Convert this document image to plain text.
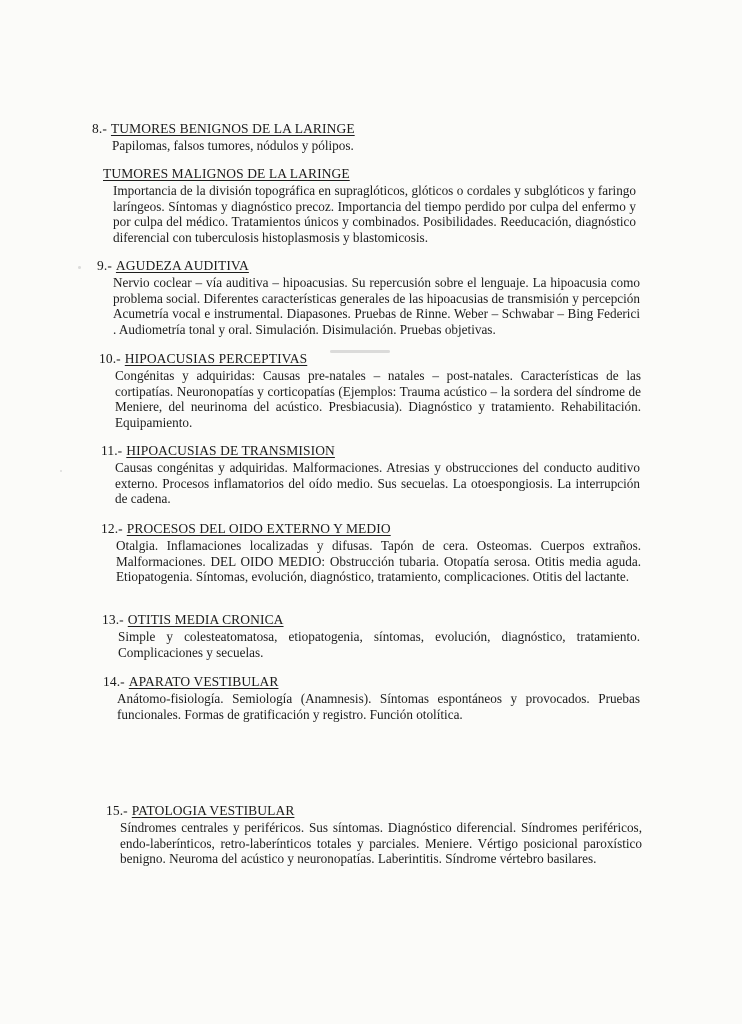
8.- TUMORES BENIGNOS DE LA LARINGE
Papilomas, falsos tumores, nódulos y pólipos.
TUMORES MALIGNOS DE LA LARINGE
Importancia de la división topográfica en supraglóticos, glóticos o cordales y subglóticos y faringo laríngeos. Síntomas y diagnóstico precoz. Importancia del tiempo perdido por culpa del enfermo y por culpa del médico. Tratamientos únicos y combinados. Posibilidades. Reeducación, diagnóstico diferencial con tuberculosis histoplasmosis y blastomicosis.
9.- AGUDEZA AUDITIVA
Nervio coclear – vía auditiva – hipoacusias. Su repercusión sobre el lenguaje. La hipoacusia como problema social. Diferentes características generales de las hipoacusias de transmisión y percepción Acumetría vocal e instrumental. Diapasones. Pruebas de Rinne. Weber – Schwabar – Bing Federici . Audiometría tonal y oral. Simulación. Disimulación. Pruebas objetivas.
10.- HIPOACUSIAS PERCEPTIVAS
Congénitas y adquiridas: Causas pre-natales – natales – post-natales. Características de las cortipatías. Neuronopatías y corticopatías (Ejemplos: Trauma acústico – la sordera del síndrome de Meniere, del neurinoma del acústico. Presbiacusia). Diagnóstico y tratamiento. Rehabilitación. Equipamiento.
11.- HIPOACUSIAS DE TRANSMISION
Causas congénitas y adquiridas. Malformaciones. Atresias y obstrucciones del conducto auditivo externo. Procesos inflamatorios del oído medio. Sus secuelas. La otoespongiosis. La interrupción de cadena.
12.- PROCESOS DEL OIDO EXTERNO Y MEDIO
Otalgia. Inflamaciones localizadas y difusas. Tapón de cera. Osteomas. Cuerpos extraños. Malformaciones. DEL OIDO MEDIO: Obstrucción tubaria. Otopatía serosa. Otitis media aguda. Etiopatogenia. Síntomas, evolución, diagnóstico, tratamiento, complicaciones. Otitis del lactante.
13.- OTITIS MEDIA CRONICA
Simple y colesteatomatosa, etiopatogenia, síntomas, evolución, diagnóstico, tratamiento. Complicaciones y secuelas.
14.- APARATO VESTIBULAR
Anátomo-fisiología. Semiología (Anamnesis). Síntomas espontáneos y provocados. Pruebas funcionales. Formas de gratificación y registro. Función otolítica.
15.- PATOLOGIA VESTIBULAR
Síndromes centrales y periféricos. Sus síntomas. Diagnóstico diferencial. Síndromes periféricos, endo-laberínticos, retro-laberínticos totales y parciales. Meniere. Vértigo posicional paroxístico benigno. Neuroma del acústico y neuronopatías. Laberintitis. Síndrome vértebro basilares.
